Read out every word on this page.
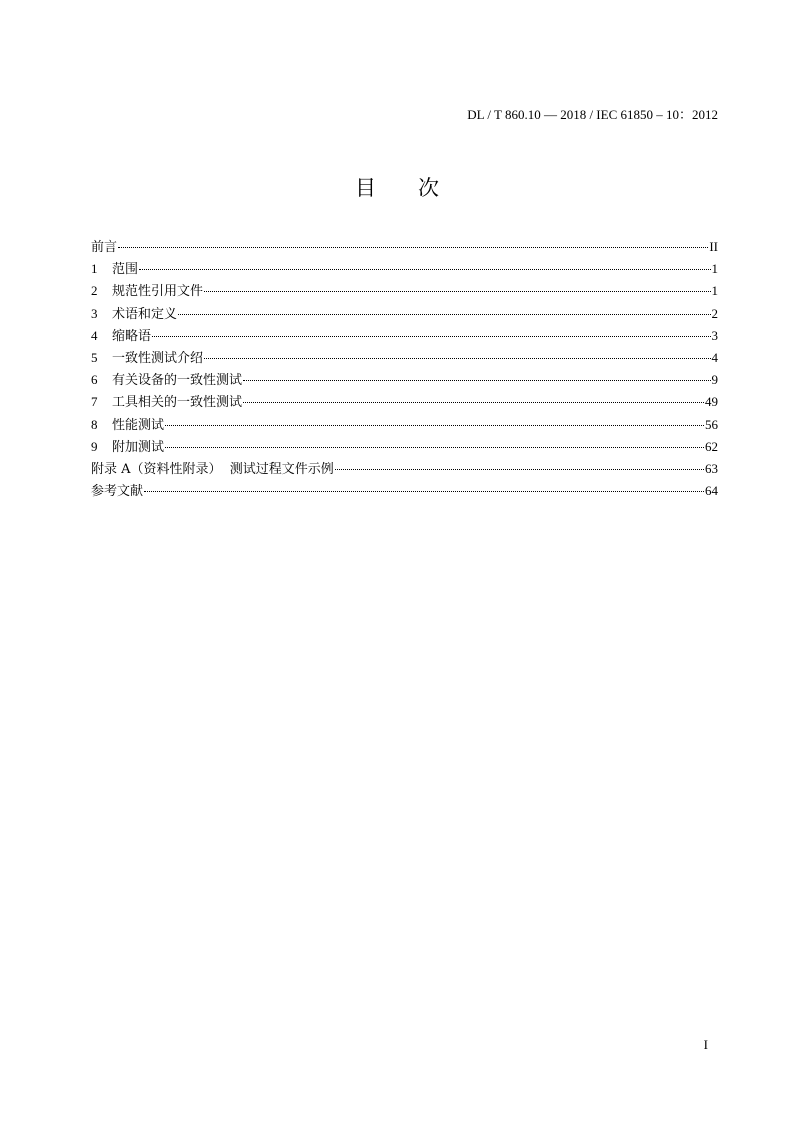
DL / T 860.10 — 2018 / IEC 61850 – 10：2012
目 次
前言	II
1	范围	1
2	规范性引用文件	1
3	术语和定义	2
4	缩略语	3
5	一致性测试介绍	4
6	有关设备的一致性测试	9
7	工具相关的一致性测试	49
8	性能测试	56
9	附加测试	62
附录 A（资料性附录）  测试过程文件示例	63
参考文献	64
I
